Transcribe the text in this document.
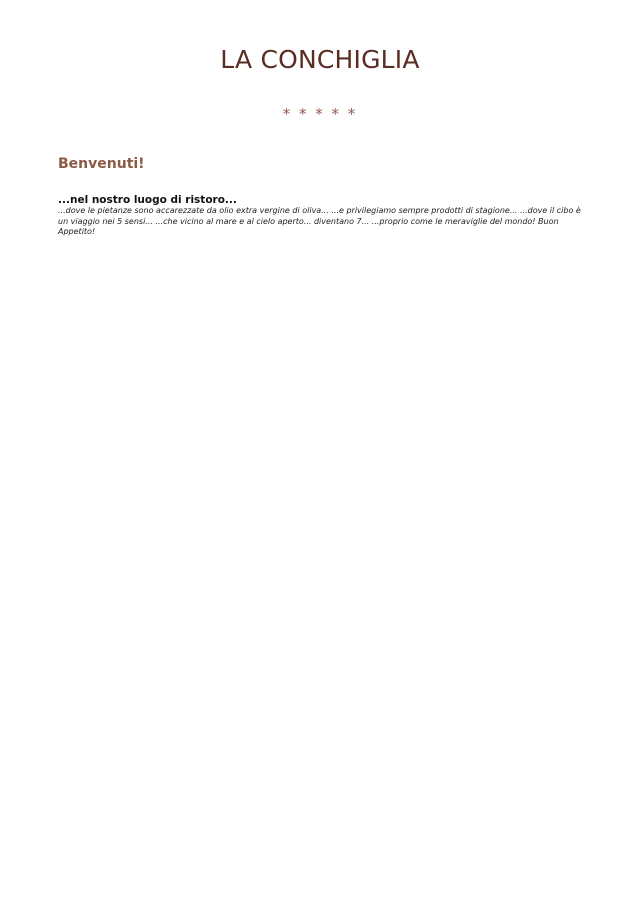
LA CONCHIGLIA
* * * * *
Benvenuti!
...nel nostro luogo di ristoro...

...dove le pietanze sono accarezzate da olio extra vergine di oliva... ...e privilegiamo sempre prodotti di stagione... ...dove il cibo è un viaggio nei 5 sensi... ...che vicino al mare e al cielo aperto... diventano 7... ...proprio come le meraviglie del mondo! Buon Appetito!
